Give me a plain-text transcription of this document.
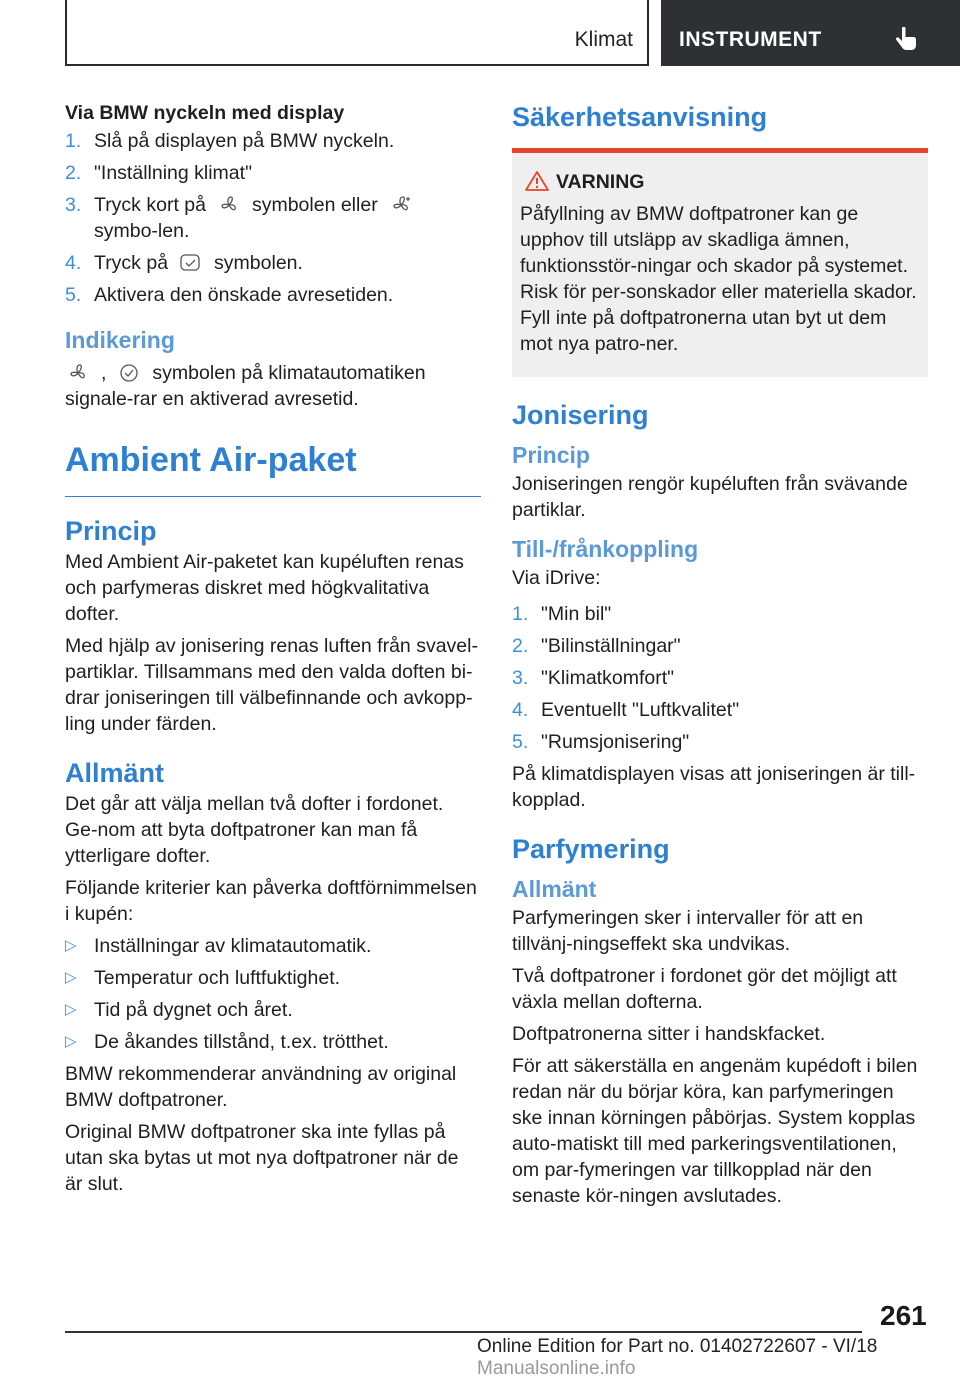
Klimat INSTRUMENT

Via BMW nyckeln med display

1. Slå på displayen på BMW nyckeln.
2. "Inställning klimat"
3. Tryck kort på symbolen ellersymbo-len.
4. Tryck på symbolen.
5. Aktivera den önskade avresetiden.
Indikering

, symbolen på klimatautomatiken signale-rar en aktiverad avresetid.

Ambient Air-paket
Princip

Med Ambient Air-paketet kan kupéluften renas och parfymeras diskret med högkvalitativa dofter.

Med hjälp av jonisering renas luften från svavel-partiklar. Tillsammans med den valda doften bi-drar joniseringen till välbefinnande och avkopp-ling under färden.

Allmänt

Det går att välja mellan två dofter i fordonet. Ge-nom att byta doftpatroner kan man få ytterligare dofter.

Följande kriterier kan påverka doftförnimmelsen i kupén:

▷ Inställningar av klimatautomatik.
▷ Temperatur och luftfuktighet.
▷ Tid på dygnet och året.
▷ De åkandes tillstånd, t.ex. trötthet.

BMW rekommenderar användning av original BMW doftpatroner.

Original BMW doftpatroner ska inte fyllas på utan ska bytas ut mot nya doftpatroner när de är slut.

Säkerhetsanvisning
VARNING

Påfyllning av BMW doftpatroner kan ge upphov till utsläpp av skadliga ämnen, funktionsstör-ningar och skador på systemet. Risk för per-sonskador eller materiella skador. Fyll inte på doftpatronerna utan byt ut dem mot nya patro-ner.

Jonisering
Princip

Joniseringen rengör kupéluften från svävande partiklar.

Till-/frånkoppling

Via iDrive:

1. "Min bil"
2. "Bilinställningar"
3. "Klimatkomfort"
4. Eventuellt "Luftkvalitet"
5. "Rumsjonisering"

På klimatdisplayen visas att joniseringen är till-kopplad.

Parfymering
Allmänt

Parfymeringen sker i intervaller för att en tillvänj-ningseffekt ska undvikas.

Två doftpatroner i fordonet gör det möjligt att växla mellan dofterna.

Doftpatronerna sitter i handskfacket.

För att säkerställa en angenäm kupédoft i bilen redan när du börjar köra, kan parfymeringen ske innan körningen påbörjas. System kopplas auto-matiskt till med parkeringsventilationen, om par-fymeringen var tillkopplad när den senaste kör-ningen avslutades.

261
Online Edition for Part no. 01402722607 - VI/18 Manualsonline.info
